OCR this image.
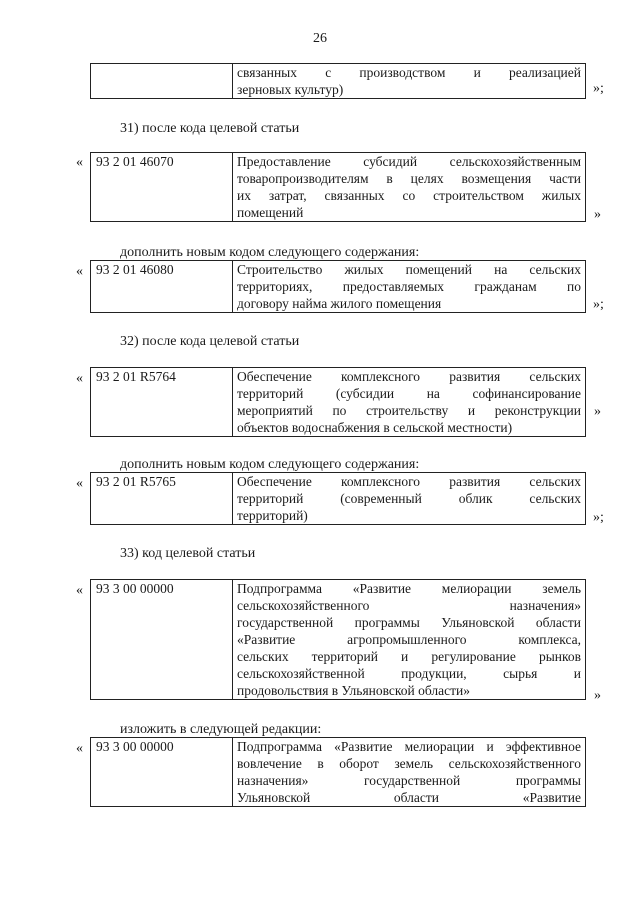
26

связанных с производством и реализацией
зерновых культур)	»;
31) после кода целевой статьи
« 93 2 01 46070	Предоставление субсидий сельскохозяйственным
товаропроизводителям в целях возмещения части
их затрат, связанных со строительством жилых
помещений	»
дополнить новым кодом следующего содержания:
« 93 2 01 46080	Строительство жилых помещений на сельских
территориях, предоставляемых гражданам по
договору найма жилого помещения	»;
32) после кода целевой статьи
« 93 2 01 R5764	Обеспечение комплексного развития сельских
территорий (субсидии на софинансирование
мероприятий по строительству и реконструкции
объектов водоснабжения в сельской местности)
»
дополнить новым кодом следующего содержания:
« 93 2 01 R5765	Обеспечение комплексного развития сельских
территорий (современный облик сельских
территорий)	»;
33) код целевой статьи
« 93 3 00 00000	Подпрограмма «Развитие мелиорации земель
сельскохозяйственного назначения»
государственной программы Ульяновской области
«Развитие агропромышленного комплекса,
сельских территорий и регулирование рынков
сельскохозяйственной продукции, сырья и
продовольствия в Ульяновской области»	»
изложить в следующей редакции:
« 93 3 00 00000	Подпрограмма «Развитие мелиорации и эффективное
вовлечение в оборот земель сельскохозяйственного
назначения» государственной программы
Ульяновской области «Развитие
